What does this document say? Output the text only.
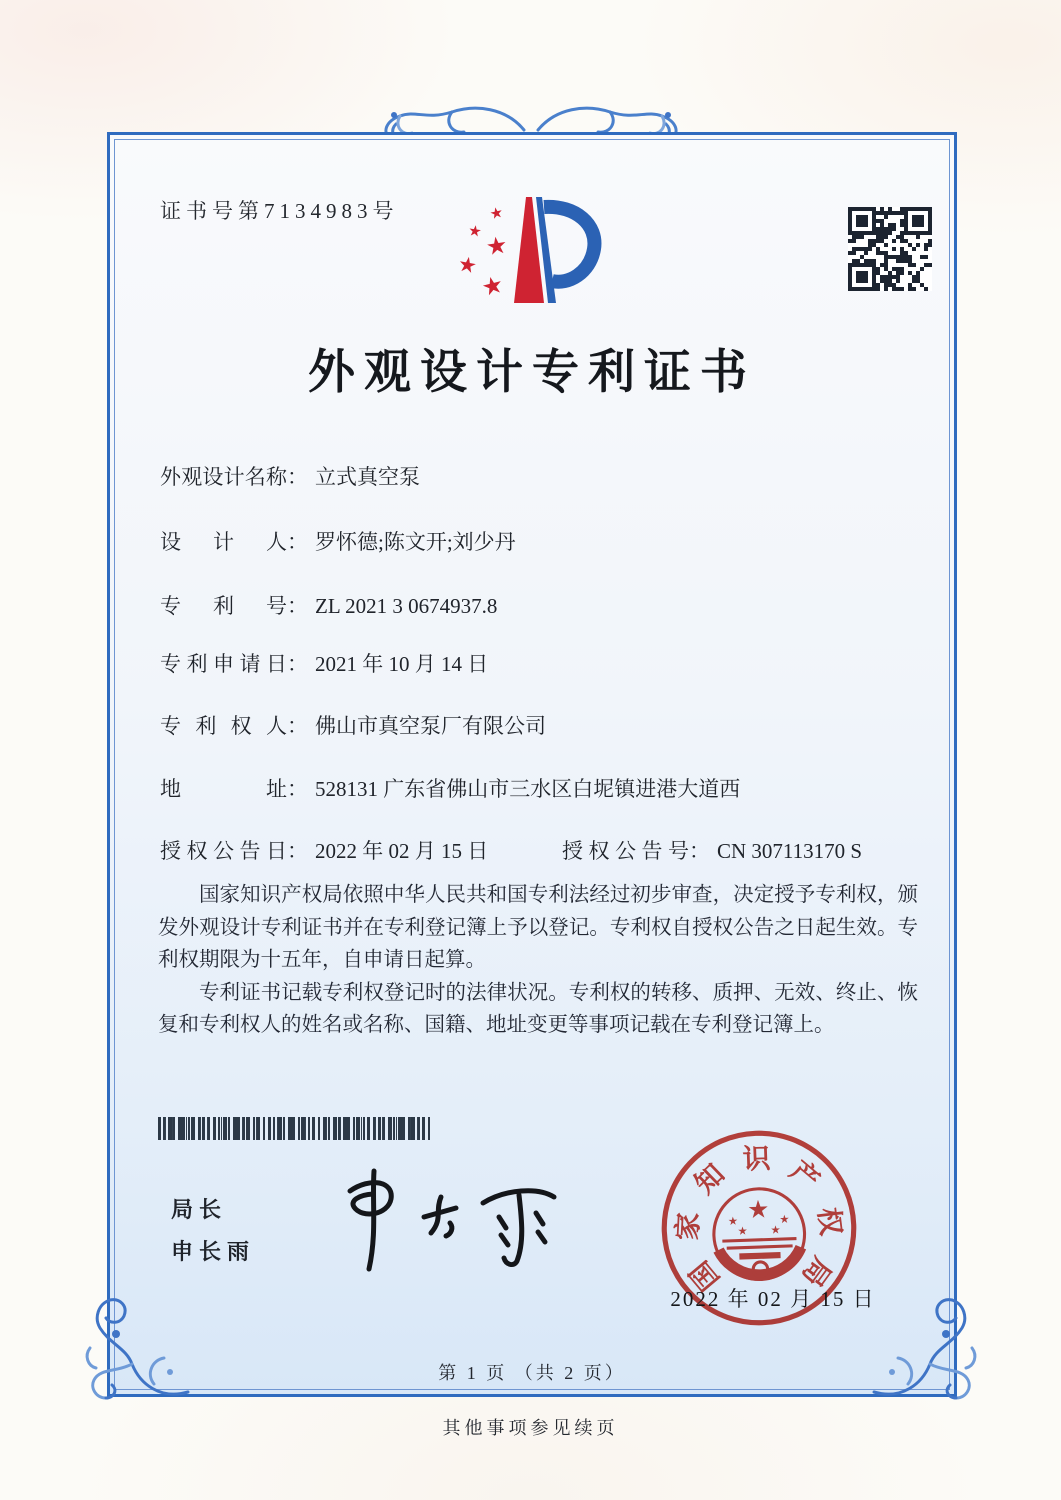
证书号第7134983号	★
★
★
★
★
外观设计专利证书
外观设计名称： 立式真空泵
设计人： 罗怀德;陈文开;刘少丹
专利号： ZL 2021 3 0674937.8
专利申请日： 2021 年 10 月 14 日
专利权人： 佛山市真空泵厂有限公司
地址： 528131 广东省佛山市三水区白坭镇进港大道西
授权公告日： 2022 年 02 月 15 日	授权公告号： CN 307113170 S

国家知识产权局依照中华人民共和国专利法经过初步审查，决定授予专利权，颁发外观设计专利证书并在专利登记簿上予以登记。专利权自授权公告之日起生效。专利权期限为十五年，自申请日起算。

专利证书记载专利权登记时的法律状况。专利权的转移、质押、无效、终止、恢复和专利权人的姓名或名称、国籍、地址变更等事项记载在专利登记簿上。

局长
申长雨
国
家
知 识 产
权
局
★
★	★
★ ★
2022 年 02 月 15 日
第 1 页 （共 2 页）
其他事项参见续页
